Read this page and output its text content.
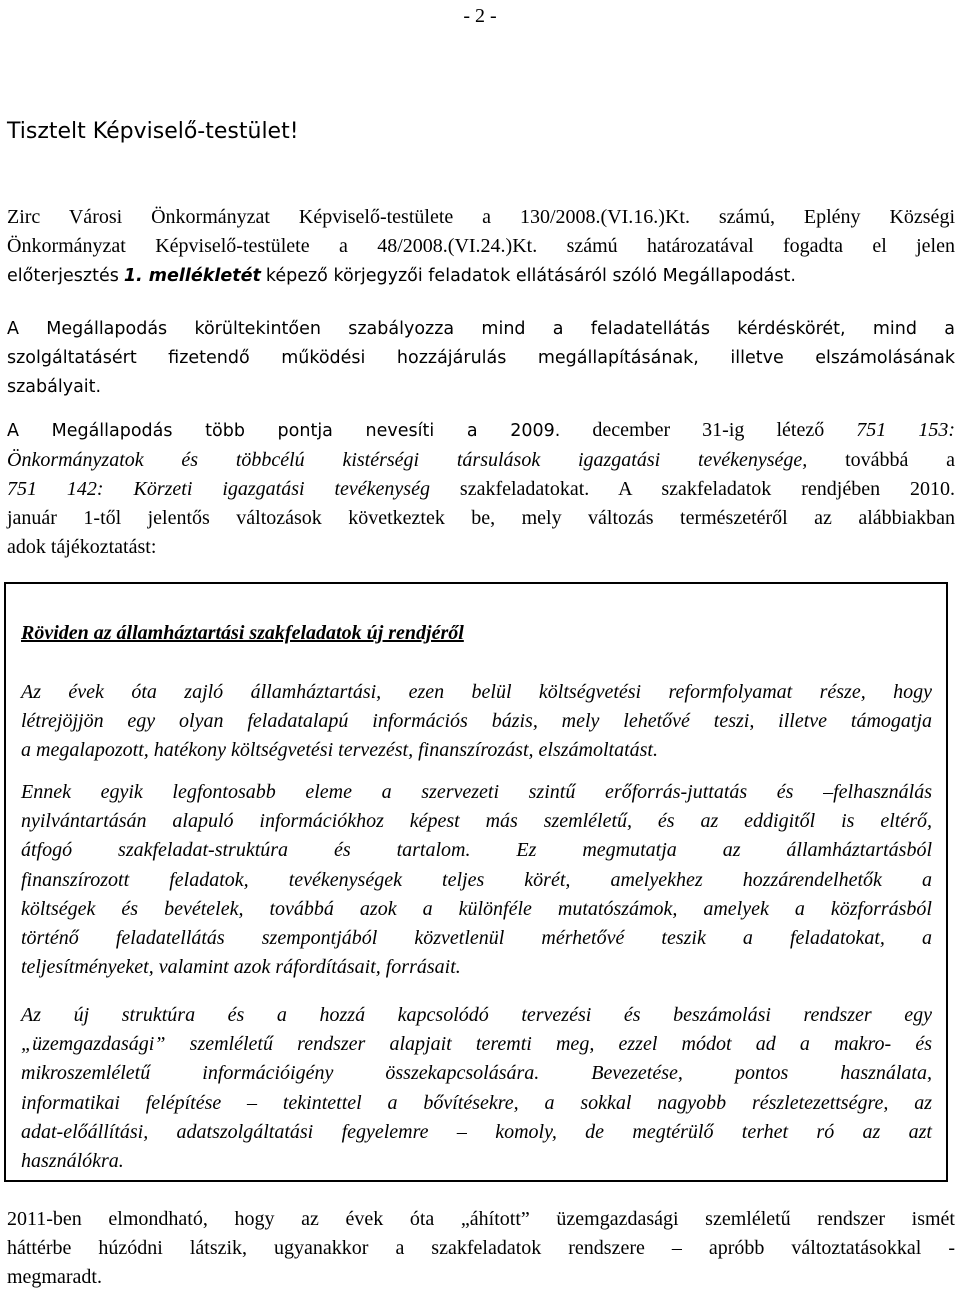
- 2 -
Tisztelt Képviselő-testület!
Zirc Városi Önkormányzat Képviselő-testülete a 130/2008.(VI.16.)Kt. számú, Eplény Községi
Önkormányzat Képviselő-testülete a 48/2008.(VI.24.)Kt. számú határozatával fogadta el jelen
előterjesztés 1. mellékletét képező körjegyzői feladatok ellátásáról szóló Megállapodást.
A Megállapodás körültekintően szabályozza mind a feladatellátás kérdéskörét, mind a
szolgáltatásért fizetendő működési hozzájárulás megállapításának, illetve elszámolásának
szabályait.
A Megállapodás több pontja nevesíti a 2009. december 31-ig létező 751 153:
Önkormányzatok és többcélú kistérségi társulások igazgatási tevékenysége, továbbá a
751 142: Körzeti igazgatási tevékenység szakfeladatokat. A szakfeladatok rendjében 2010.
január 1-től jelentős változások következtek be, mely változás természetéről az alábbiakban
adok tájékoztatást:
Röviden az államháztartási szakfeladatok új rendjéről
Az évek óta zajló államháztartási, ezen belül költségvetési reformfolyamat része, hogy
létrejöjjön egy olyan feladatalapú információs bázis, mely lehetővé teszi, illetve támogatja
a megalapozott, hatékony költségvetési tervezést, finanszírozást, elszámoltatást.
Ennek egyik legfontosabb eleme a szervezeti szintű erőforrás-juttatás és –felhasználás
nyilvántartásán alapuló információkhoz képest más szemléletű, és az eddigitől is eltérő,
átfogó szakfeladat-struktúra és tartalom. Ez megmutatja az államháztartásból
finanszírozott feladatok, tevékenységek teljes körét, amelyekhez hozzárendelhetők a
költségek és bevételek, továbbá azok a különféle mutatószámok, amelyek a közforrásból
történő feladatellátás szempontjából közvetlenül mérhetővé teszik a feladatokat, a
teljesítményeket, valamint azok ráfordításait, forrásait.
Az új struktúra és a hozzá kapcsolódó tervezési és beszámolási rendszer egy
„üzemgazdasági” szemléletű rendszer alapjait teremti meg, ezzel módot ad a makro- és
mikroszemléletű információigény összekapcsolására. Bevezetése, pontos használata,
informatikai felépítése – tekintettel a bővítésekre, a sokkal nagyobb részletezettségre, az
adat-előállítási, adatszolgáltatási fegyelemre – komoly, de megtérülő terhet ró az azt
használókra.
2011-ben elmondható, hogy az évek óta „áhított” üzemgazdasági szemléletű rendszer ismét
háttérbe húzódni látszik, ugyanakkor a szakfeladatok rendszere – apróbb változtatásokkal -
megmaradt.
